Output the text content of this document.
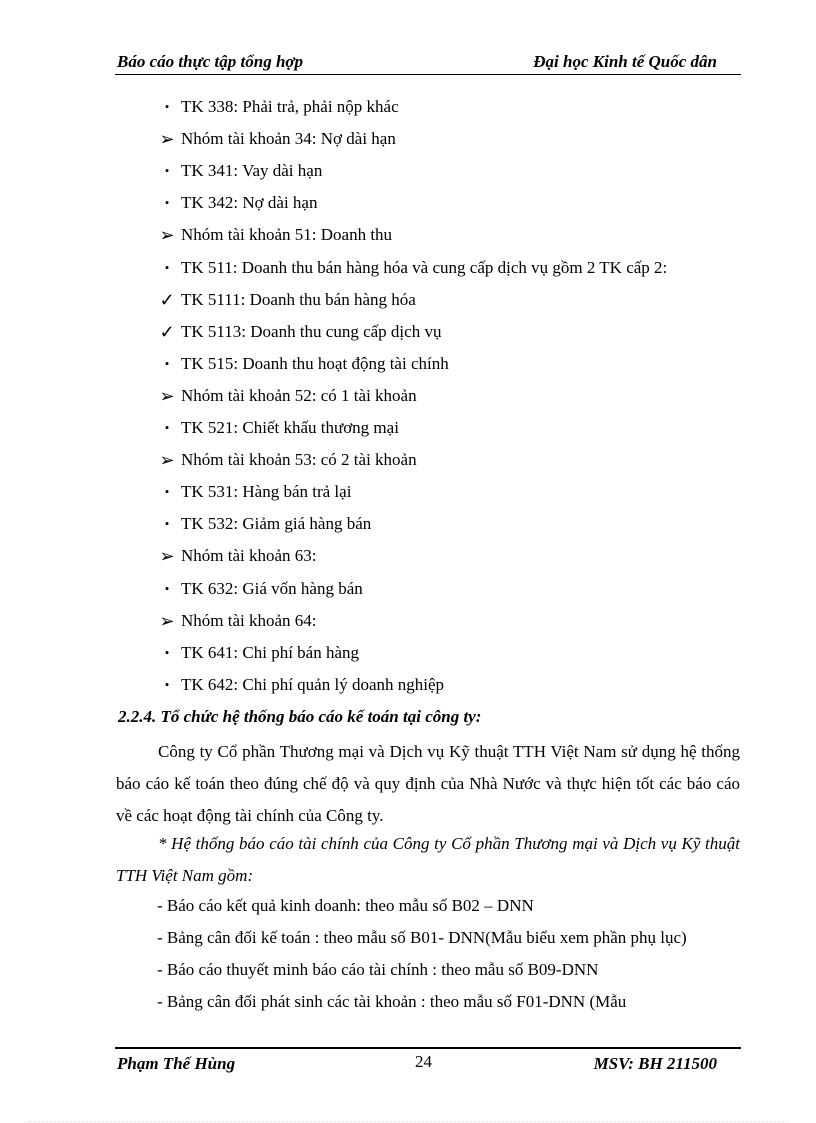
Báo cáo thực tập tổng hợp	Đại học Kinh tế Quốc dân
• TK 338: Phải trả, phải nộp khác
➢ Nhóm tài khoản 34: Nợ dài hạn
• TK 341: Vay dài hạn
• TK 342: Nợ dài hạn
➢ Nhóm tài khoản 51: Doanh thu
• TK 511: Doanh thu bán hàng hóa và cung cấp dịch vụ gồm 2 TK cấp 2:
✓ TK 5111: Doanh thu bán hàng hóa
✓ TK 5113: Doanh thu cung cấp dịch vụ
• TK 515: Doanh thu hoạt động tài chính
➢ Nhóm tài khoản 52: có 1 tài khoản
• TK 521: Chiết khấu thương mại
➢ Nhóm tài khoản 53: có 2 tài khoản
• TK 531: Hàng bán trả lại
• TK 532: Giảm giá hàng bán
➢ Nhóm tài khoản 63:
• TK 632: Giá vốn hàng bán
➢ Nhóm tài khoản 64:
• TK 641: Chi phí bán hàng
• TK 642: Chi phí quản lý doanh nghiệp
2.2.4. Tổ chức hệ thống báo cáo kế toán tại công ty:
Công ty Cổ phần Thương mại và Dịch vụ Kỹ thuật TTH Việt Nam sử dụng hệ thống báo cáo kế toán theo đúng chế độ và quy định của Nhà Nước và thực hiện tốt các báo cáo về các hoạt động tài chính của Công ty.
* Hệ thống báo cáo tài chính của Công ty Cổ phần Thương mại và Dịch vụ Kỹ thuật TTH Việt Nam gồm:
- Báo cáo kết quả kinh doanh: theo mẫu số B02 – DNN
- Bảng cân đối kế toán : theo mẫu số B01- DNN(Mẫu biểu xem phần phụ lục)
- Báo cáo thuyết minh báo cáo tài chính : theo mẫu số B09-DNN
- Bảng cân đối phát sinh các tài khoản : theo mẫu số F01-DNN (Mẫu
Phạm Thế Hùng	24	MSV: BH 211500
